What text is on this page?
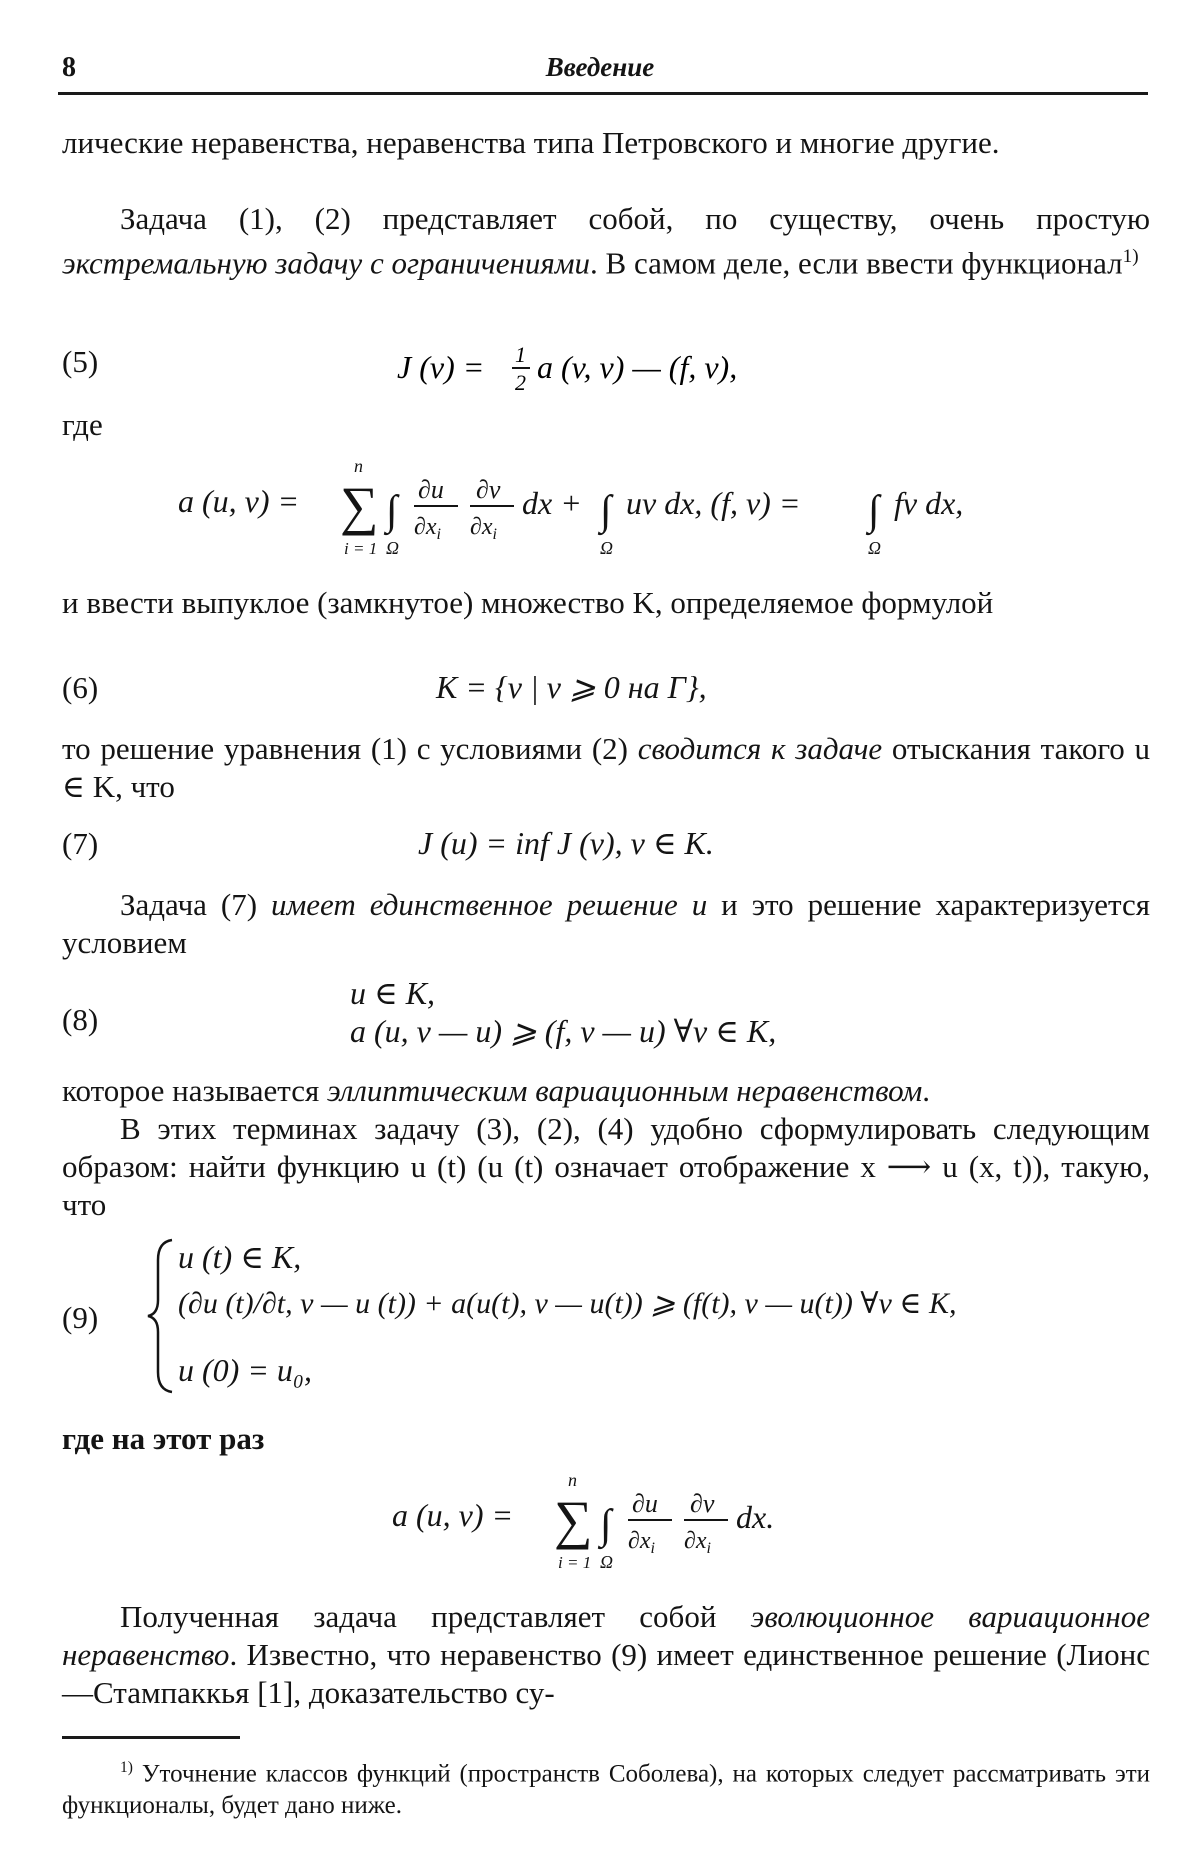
8	Введение

лические неравенства, неравенства типа Петровского и многие другие.

Задача (1), (2) представляет собой, по существу, очень простую экстремальную задачу с ограничениями. В самом деле, если ввести функционал$^{1)}$

(5)	J (v) = 1
2 a (v, v) — (f, v),

где

a (u, v) = ∑
n
i = 1
∫
Ω
∂u
$\partial x_i$
∂v
$\partial x_i$
dx + ∫
Ω
uv dx, (f, v) = ∫
Ω
fv dx,

и ввести выпуклое (замкнутое) множество K, определяемое формулой

(6)	K = {v | v ⩾ 0 на Γ},

то решение уравнения (1) с условиями (2) сводится к задаче отыскания такого u ∈ K, что

(7)	J (u) = inf J (v), v ∈ K.

Задача (7) имеет единственное решение u и это решение характеризуется условием

(8)
u ∈ K,
a (u, v — u) ⩾ (f, v — u) ∀v ∈ K,

которое называется эллиптическим вариационным неравенством.

В этих терминах задачу (3), (2), (4) удобно сформулировать следующим образом: найти функцию u (t) (u (t) означает отображение x ⟶ u (x, t)), такую, что

(9)
u (t) ∈ K,
(∂u (t)/∂t, v — u (t)) + a(u(t), v — u(t)) ⩾ (f(t), v — u(t)) ∀v ∈ K,
u (0) = u₀,

где на этот раз

a (u, v) = ∑
n
i = 1
∫
Ω
∂u
$\partial x_i$
∂v
$\partial x_i$
dx.

Полученная задача представляет собой эволюционное вариационное неравенство. Известно, что неравенство (9) имеет единственное решение (Лионс—Стампаккья [1], доказательство су-

$^{1)}$ Уточнение классов функций (пространств Соболева), на которых следует рассматривать эти функционалы, будет дано ниже.
